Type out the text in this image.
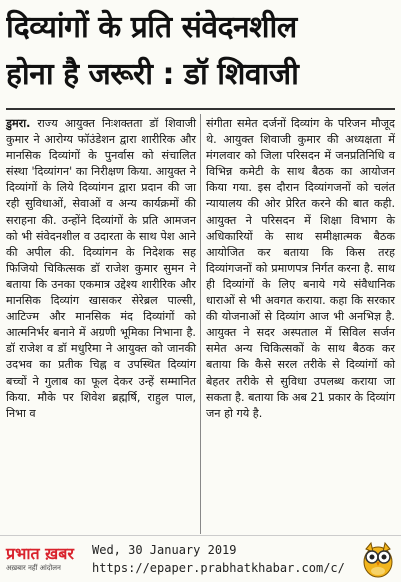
दिव्यांगों के प्रति संवेदनशील
होना है जरूरी : डॉ शिवाजी
डुमरा. राज्य आयुक्त निःशक्तता डॉ शिवाजी कुमार ने आरोग्य फॉउंडेशन द्वारा शारीरिक और मानसिक दिव्यांगों के पुनर्वास को संचालित संस्था 'दिव्यांगन' का निरीक्षण किया. आयुक्त ने दिव्यांगों के लिये दिव्यांगन द्वारा प्रदान की जा रही सुविधाओं, सेवाओं व अन्य कार्यक्रमों की सराहना की. उन्होंने दिव्यांगों के प्रति आमजन को भी संवेदनशील व उदारता के साथ पेश आने की अपील की. दिव्यांगन के निदेशक सह फिजियो चिकित्सक डॉ राजेश कुमार सुमन ने बताया कि उनका एकमात्र उद्देश्य शारीरिक और मानसिक दिव्यांग खासकर सेरेब्रल पाल्सी, आटिज्म और मानसिक मंद दिव्यांगों को आत्मनिर्भर बनाने में अग्रणी भूमिका निभाना है. डॉ राजेश व डॉ मधुरिमा ने आयुक्त को जानकी उदभव का प्रतीक चिह्न व उपस्थित दिव्यांग बच्चों ने गुलाब का फूल देकर उन्हें सम्मानित किया. मौके पर शिवेश ब्रह्मर्षि, राहुल पाल, निभा व
संगीता समेत दर्जनों दिव्यांग के परिजन मौजूद थे. आयुक्त शिवाजी कुमार की अध्यक्षता में मंगलवार को जिला परिसदन में जनप्रतिनिधि व विभिन्न कमेटी के साथ बैठक का आयोजन किया गया. इस दौरान दिव्यांगजनों को चलंत न्यायालय की ओर प्रेरित करने की बात कही. आयुक्त ने परिसदन में शिक्षा विभाग के अधिकारियों के साथ समीक्षात्मक बैठक आयोजित कर बताया कि किस तरह दिव्यांगजनों को प्रमाणपत्र निर्गत करना है. साथ ही दिव्यांगों के लिए बनाये गये संवैधानिक धाराओं से भी अवगत कराया. कहा कि सरकार की योजनाओं से दिव्यांग आज भी अनभिज्ञ है. आयुक्त ने सदर अस्पताल में सिविल सर्जन समेत अन्य चिकित्सकों के साथ बैठक कर बताया कि कैसे सरल तरीके से दिव्यांगों को बेहतर तरीके से सुविधा उपलब्ध कराया जा सकता है. बताया कि अब 21 प्रकार के दिव्यांग जन हो गये है.
प्रभात ख़बर
अख़बार नहीं आंदोलन
Wed, 30 January 2019
https://epaper.prabhatkhabar.com/c/
